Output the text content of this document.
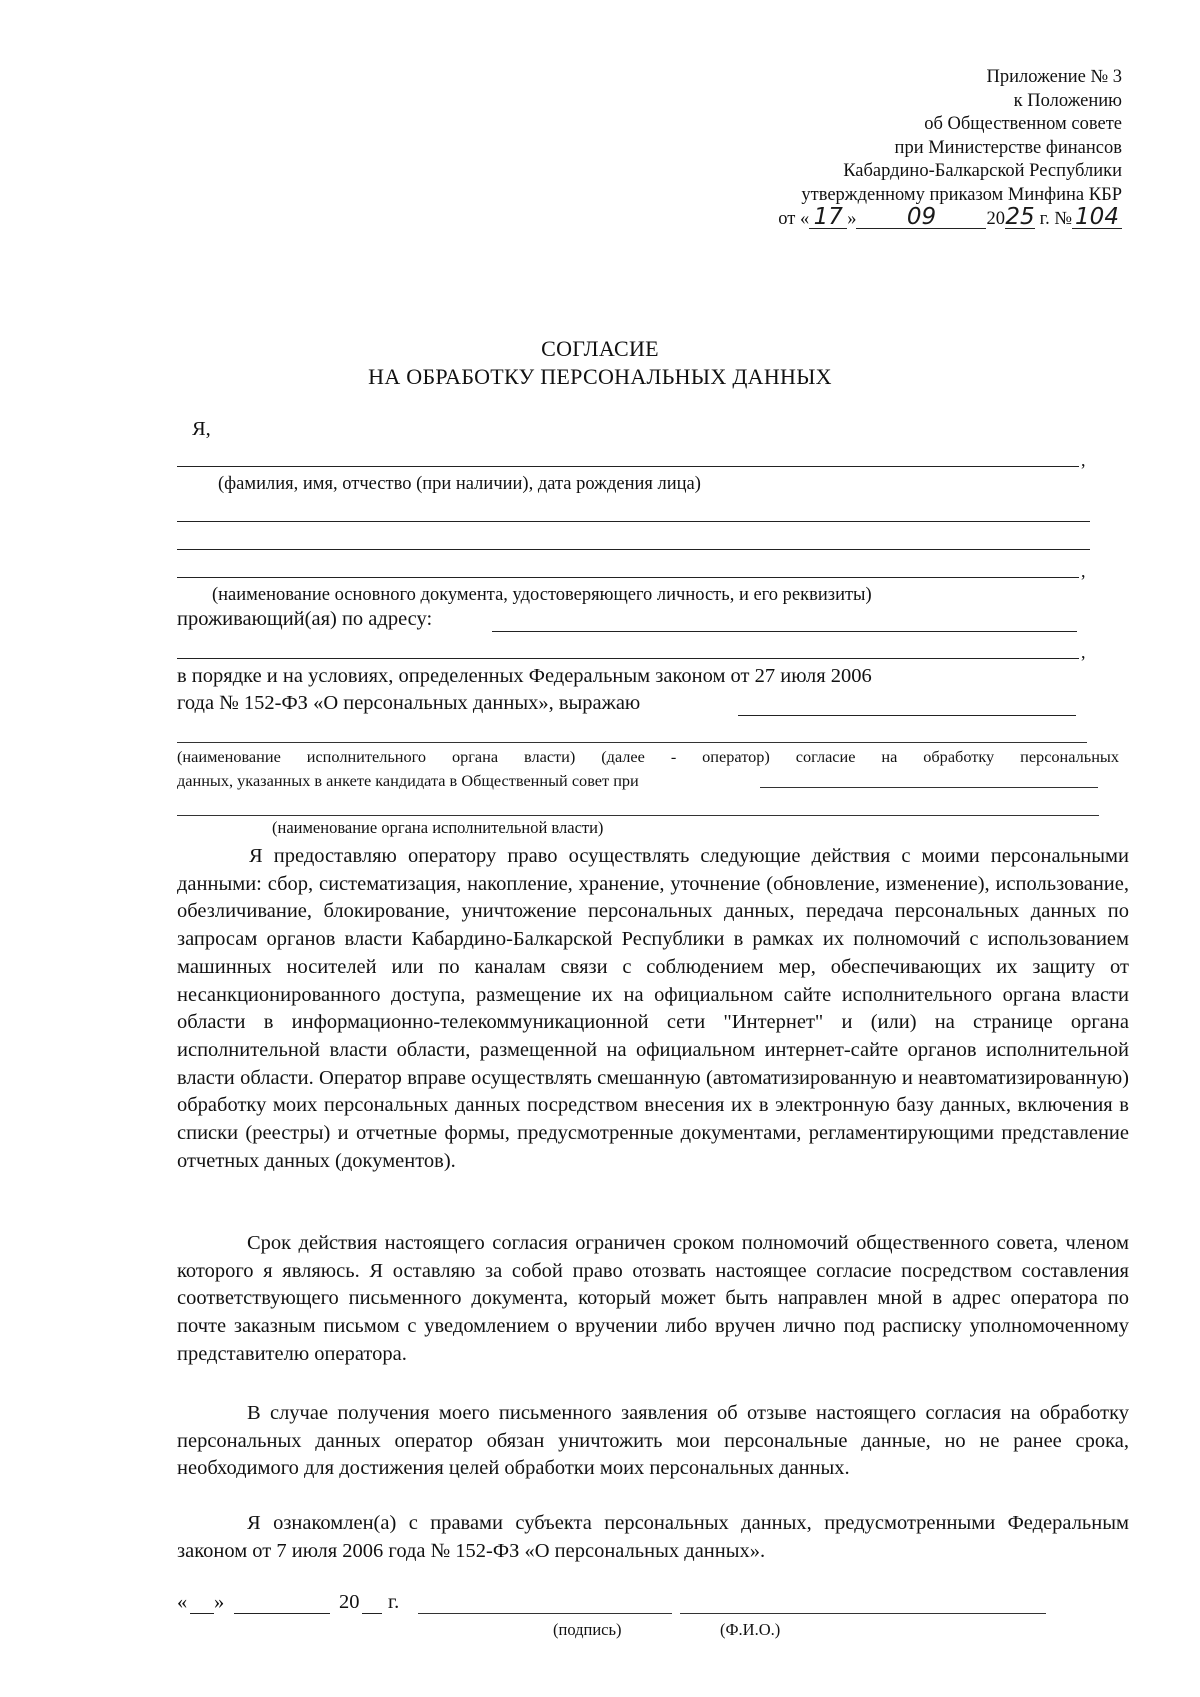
Приложение № 3
к Положению
об Общественном совете
при Министерстве финансов
Кабардино-Балкарской Республики
утвержденному приказом Минфина КБР
от « 17 » 09	2025 г. № 104
СОГЛАСИЕ
НА ОБРАБОТКУ ПЕРСОНАЛЬНЫХ ДАННЫХ
Я,
,
(фамилия, имя, отчество (при наличии), дата рождения лица)
,
(наименование основного документа, удостоверяющего личность, и его реквизиты)
проживающий(ая) по адресу:
,
в порядке и на условиях, определенных Федеральным законом от 27 июля 2006
года № 152-ФЗ «О персональных данных», выражаю
(наименование исполнительного органа власти) (далее - оператор) согласие на обработку персональных
данных, указанных в анкете кандидата в Общественный совет при
(наименование органа исполнительной власти)
Я предоставляю оператору право осуществлять следующие действия с моими персональными данными: сбор, систематизация, накопление, хранение, уточнение (обновление, изменение), использование, обезличивание, блокирование, уничтожение персональных данных, передача персональных данных по запросам органов власти Кабардино-Балкарской Республики в рамках их полномочий с использованием машинных носителей или по каналам связи с соблюдением мер, обеспечивающих их защиту от несанкционированного доступа, размещение их на официальном сайте исполнительного органа власти области в информационно-телекоммуникационной сети "Интернет" и (или) на странице органа исполнительной власти области, размещенной на официальном интернет-сайте органов исполнительной власти области. Оператор вправе осуществлять смешанную (автоматизированную и неавтоматизированную) обработку моих персональных данных посредством внесения их в электронную базу данных, включения в списки (реестры) и отчетные формы, предусмотренные документами, регламентирующими представление отчетных данных (документов).
Срок действия настоящего согласия ограничен сроком полномочий общественного совета, членом которого я являюсь. Я оставляю за собой право отозвать настоящее согласие посредством составления соответствующего письменного документа, который может быть направлен мной в адрес оператора по почте заказным письмом с уведомлением о вручении либо вручен лично под расписку уполномоченному представителю оператора.
В случае получения моего письменного заявления об отзыве настоящего согласия на обработку персональных данных оператор обязан уничтожить мои персональные данные, но не ранее срока, необходимого для достижения целей обработки моих персональных данных.
Я ознакомлен(а) с правами субъекта персональных данных, предусмотренными Федеральным законом от 7 июля 2006 года № 152-ФЗ «О персональных данных».
« »	20 г.
(подпись)	(Ф.И.О.)
